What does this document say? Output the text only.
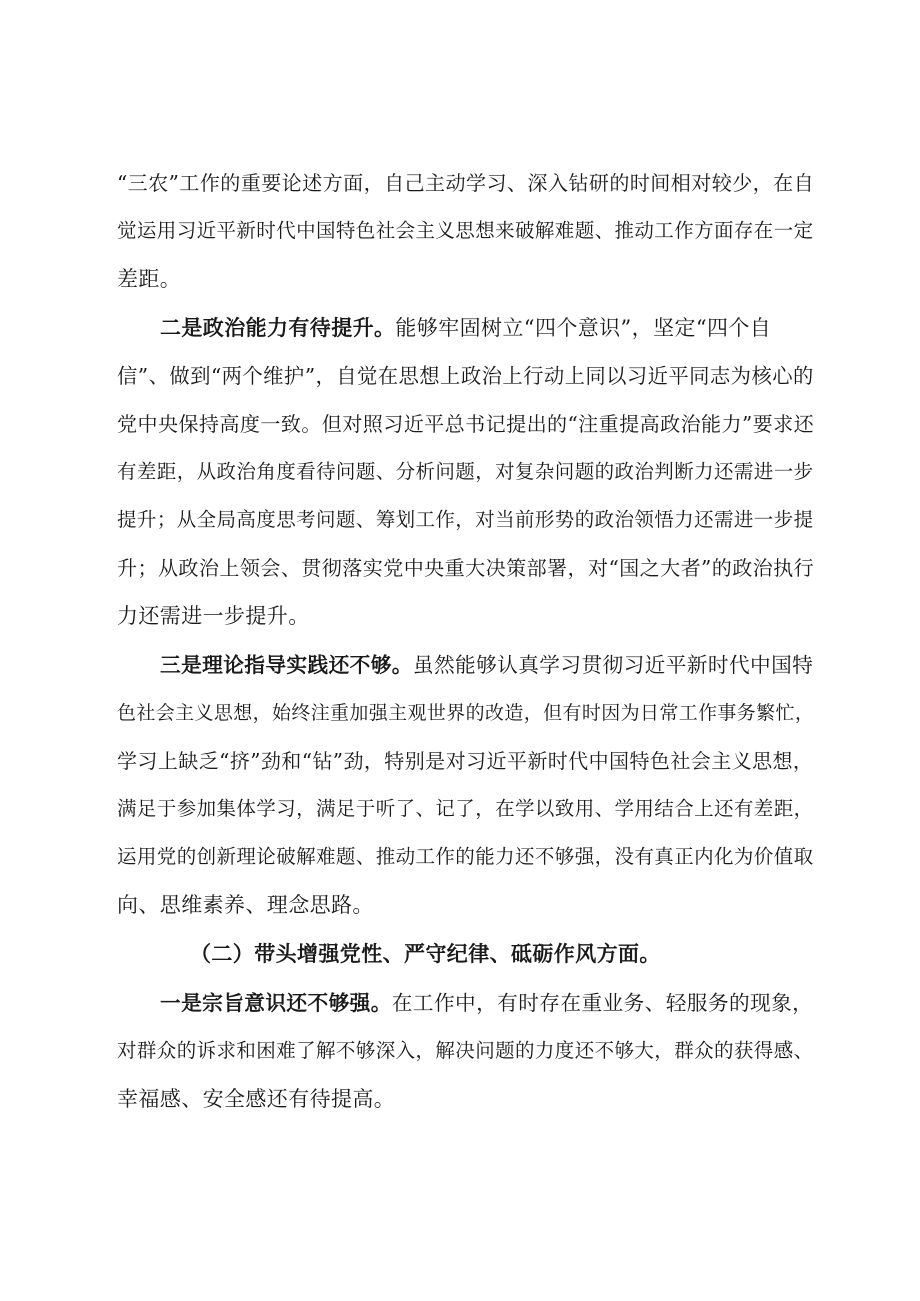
“三农”工作的重要论述方面，自己主动学习、深入钻研的时间相对较少，在自
觉运用习近平新时代中国特色社会主义思想来破解难题、推动工作方面存在一定
差距。
二是政治能力有待提升。能够牢固树立“四个意识”，坚定“四个自
信”、做到“两个维护”，自觉在思想上政治上行动上同以习近平同志为核心的
党中央保持高度一致。但对照习近平总书记提出的“注重提高政治能力”要求还
有差距，从政治角度看待问题、分析问题，对复杂问题的政治判断力还需进一步
提升；从全局高度思考问题、筹划工作，对当前形势的政治领悟力还需进一步提
升；从政治上领会、贯彻落实党中央重大决策部署，对“国之大者”的政治执行
力还需进一步提升。
三是理论指导实践还不够。虽然能够认真学习贯彻习近平新时代中国特
色社会主义思想，始终注重加强主观世界的改造，但有时因为日常工作事务繁忙，
学习上缺乏“挤”劲和“钻”劲，特别是对习近平新时代中国特色社会主义思想，
满足于参加集体学习，满足于听了、记了，在学以致用、学用结合上还有差距，
运用党的创新理论破解难题、推动工作的能力还不够强，没有真正内化为价值取
向、思维素养、理念思路。
（二）带头增强党性、严守纪律、砥砺作风方面。
一是宗旨意识还不够强。在工作中，有时存在重业务、轻服务的现象，
对群众的诉求和困难了解不够深入，解决问题的力度还不够大，群众的获得感、
幸福感、安全感还有待提高。
